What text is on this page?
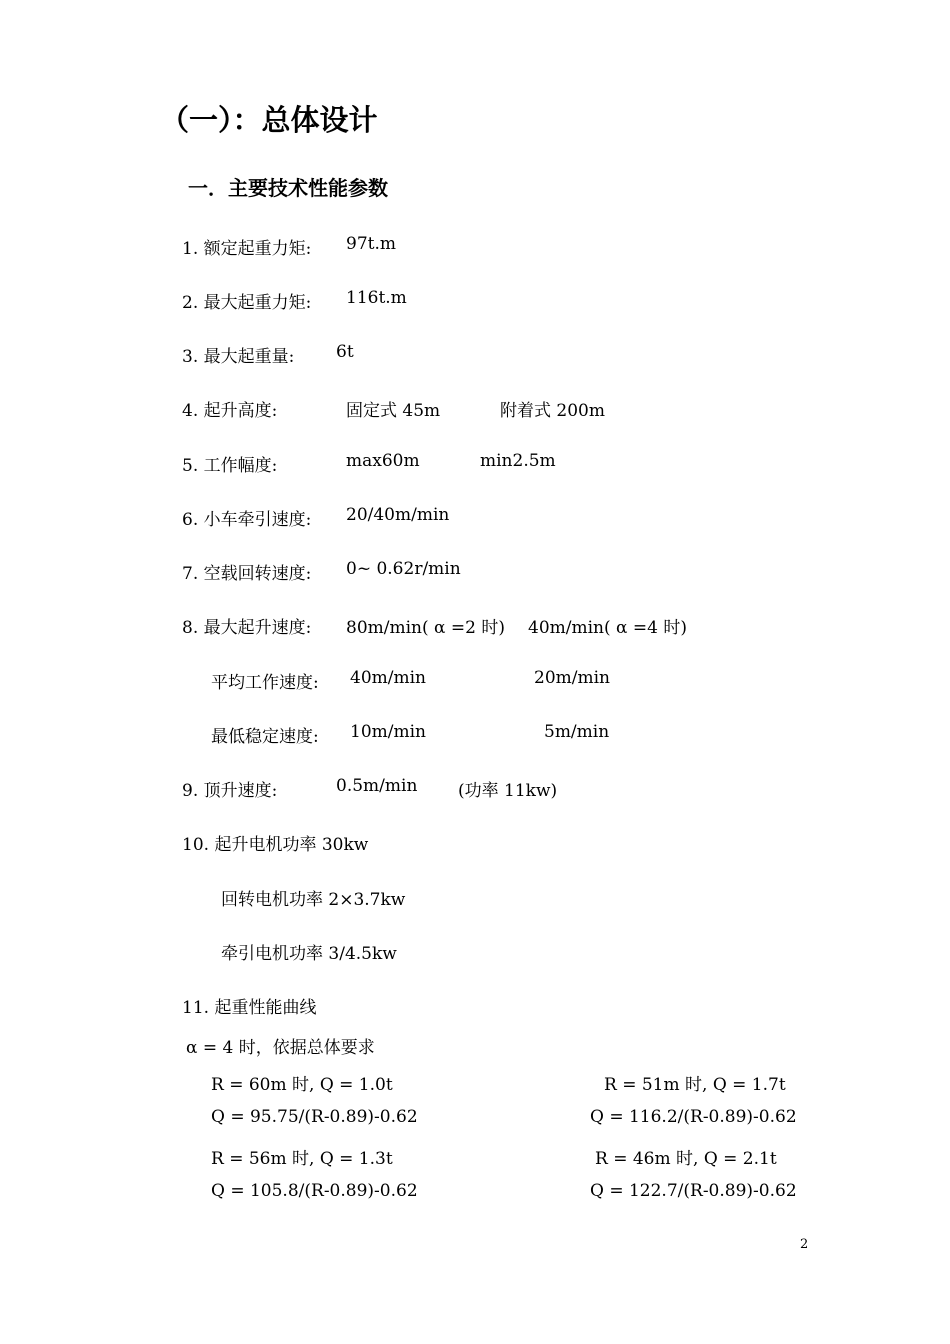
（一）：总体设计
一．主要技术性能参数
1. 额定起重力矩: 97t.m
2. 最大起重力矩: 116t.m
3. 最大起重量: 6t
4. 起升高度:	固定式 45m	附着式 200m
5. 工作幅度:	max60m	min2.5m
6. 小车牵引速度: 20/40m/min
7. 空载回转速度: 0~ 0.62r/min
8. 最大起升速度: 80m/min( α =2 时) 40m/min( α =4 时)
平均工作速度: 40m/min	20m/min
最低稳定速度: 10m/min	5m/min
9. 顶升速度:	0.5m/min (功率 11kw)
10. 起升电机功率 30kw
回转电机功率 2×3.7kw
牵引电机功率 3/4.5kw
11. 起重性能曲线
α = 4 时，依据总体要求
R = 60m 时, Q = 1.0t
Q = 95.75/(R-0.89)-0.62
R = 56m 时, Q = 1.3t
Q = 105.8/(R-0.89)-0.62
R = 51m 时, Q = 1.7t
Q = 116.2/(R-0.89)-0.62
R = 46m 时, Q = 2.1t
Q = 122.7/(R-0.89)-0.62
2
